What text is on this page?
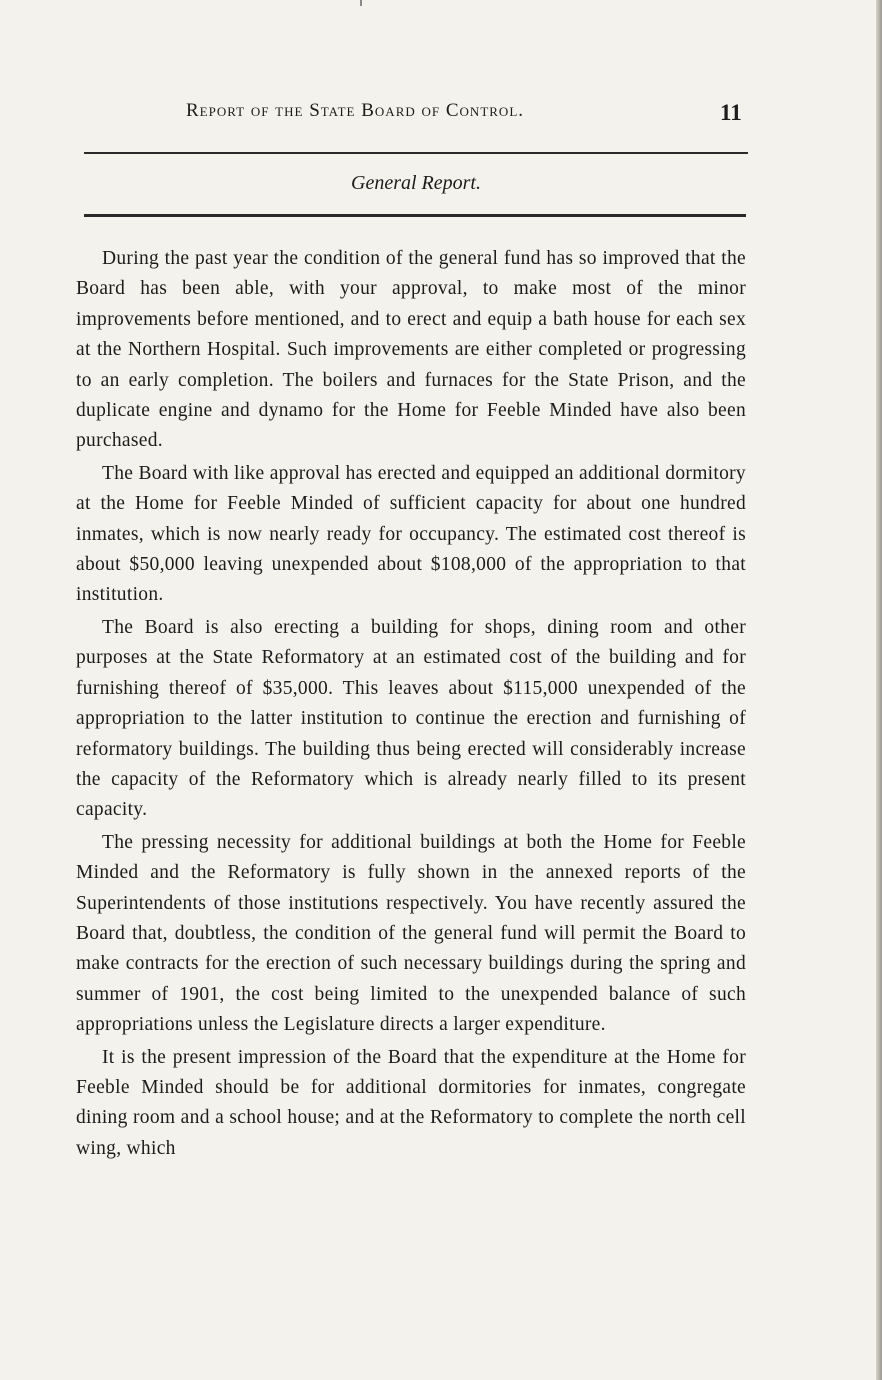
Report of the State Board of Control.	11
General Report.

During the past year the condition of the general fund has so improved that the Board has been able, with your approval, to make most of the minor improvements before mentioned, and to erect and equip a bath house for each sex at the Northern Hospital. Such improvements are either completed or progressing to an early completion. The boilers and furnaces for the State Prison, and the duplicate engine and dynamo for the Home for Feeble Minded have also been purchased.

The Board with like approval has erected and equipped an additional dormitory at the Home for Feeble Minded of sufficient capacity for about one hundred inmates, which is now nearly ready for occupancy. The estimated cost thereof is about $50,000 leaving unexpended about $108,000 of the appropriation to that institution.

The Board is also erecting a building for shops, dining room and other purposes at the State Reformatory at an estimated cost of the building and for furnishing thereof of $35,000. This leaves about $115,000 unexpended of the appropriation to the latter institution to continue the erection and furnishing of reformatory buildings. The building thus being erected will considerably increase the capacity of the Reformatory which is already nearly filled to its present capacity.

The pressing necessity for additional buildings at both the Home for Feeble Minded and the Reformatory is fully shown in the annexed reports of the Superintendents of those institutions respectively. You have recently assured the Board that, doubtless, the condition of the general fund will permit the Board to make contracts for the erection of such necessary buildings during the spring and summer of 1901, the cost being limited to the unexpended balance of such appropriations unless the Legislature directs a larger expenditure.

It is the present impression of the Board that the expenditure at the Home for Feeble Minded should be for additional dormitories for inmates, congregate dining room and a school house; and at the Reformatory to complete the north cell wing, which
